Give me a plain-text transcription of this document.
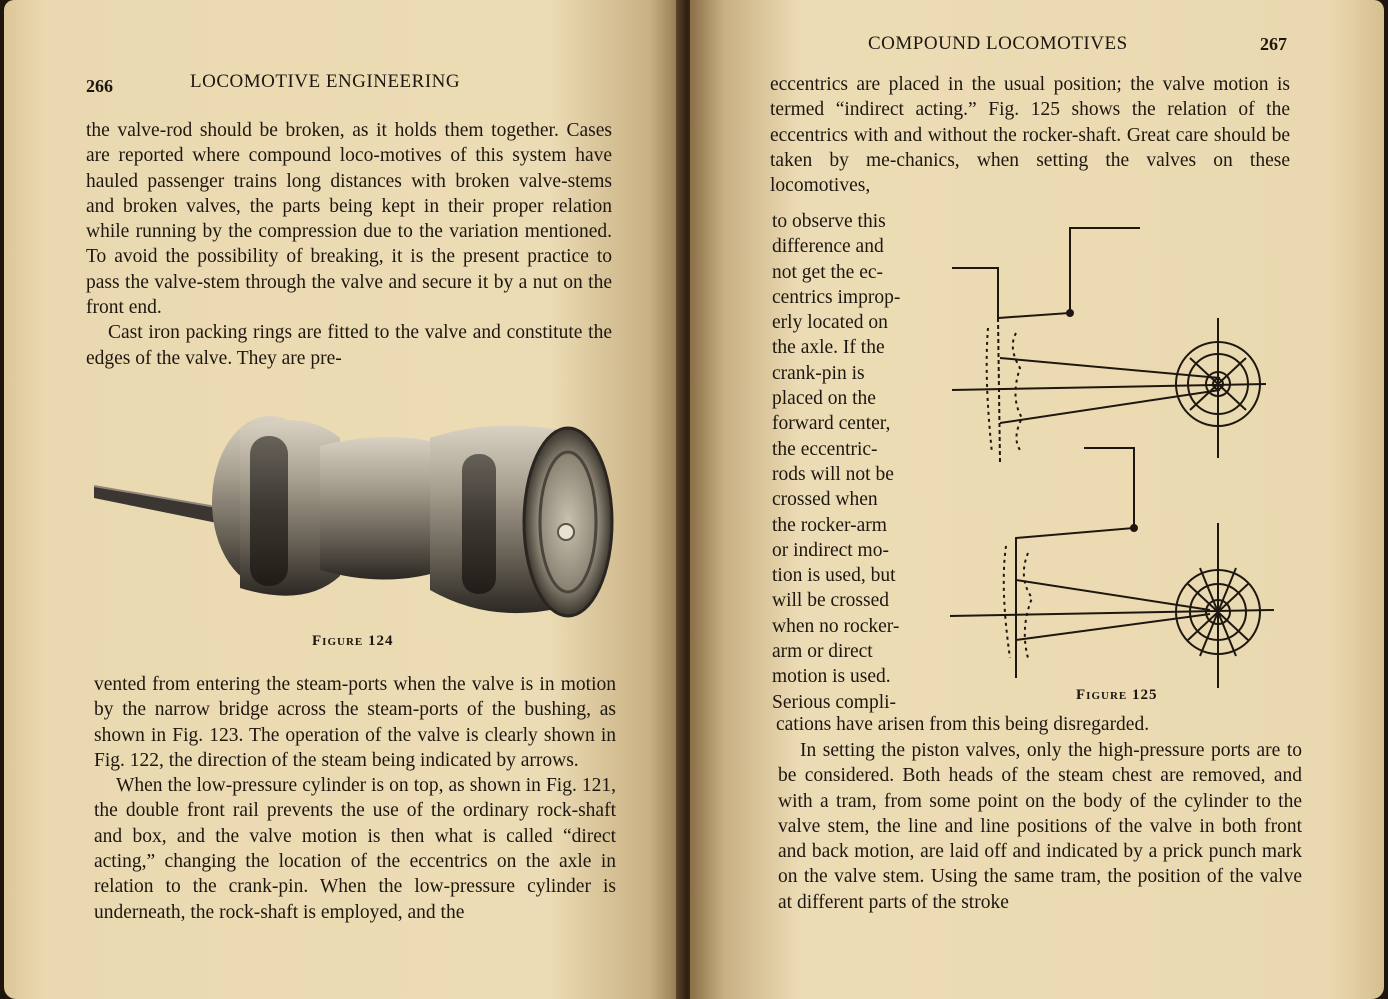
266	LOCOMOTIVE ENGINEERING

the valve-rod should be broken, as it holds them together. Cases are reported where compound loco-motives of this system have hauled passenger trains long distances with broken valve-stems and broken valves, the parts being kept in their proper relation while running by the compression due to the variation mentioned. To avoid the possibility of breaking, it is the present practice to pass the valve-stem through the valve and secure it by a nut on the front end.

Cast iron packing rings are fitted to the valve and constitute the edges of the valve. They are pre-

Figure 124

vented from entering the steam-ports when the valve is in motion by the narrow bridge across the steam-ports of the bushing, as shown in Fig. 123. The operation of the valve is clearly shown in Fig. 122, the direction of the steam being indicated by arrows.

When the low-pressure cylinder is on top, as shown in Fig. 121, the double front rail prevents the use of the ordinary rock-shaft and box, and the valve motion is then what is called “direct acting,” changing the location of the eccentrics on the axle in relation to the crank-pin. When the low-pressure cylinder is underneath, the rock-shaft is employed, and the

COMPOUND LOCOMOTIVES	267
eccentrics are placed in the usual position; the valve motion is termed “indirect acting.” Fig. 125 shows the relation of the eccentrics with and without the rocker-shaft. Great care should be taken by me-chanics, when setting the valves on these locomotives,
to observe this
difference and
not get the ec-
centrics improp-
erly located on
the axle. If the
crank-pin is
placed on the
forward center,
the eccentric-
rods will not be
crossed when
the rocker-arm
or indirect mo-
tion is used, but
will be crossed
when no rocker-
arm or direct
motion is used.
Serious compli-	Figure 125
cations have arisen from this being disregarded.

In setting the piston valves, only the high-pressure ports are to be considered. Both heads of the steam chest are removed, and with a tram, from some point on the body of the cylinder to the valve stem, the line and line positions of the valve in both front and back motion, are laid off and indicated by a prick punch mark on the valve stem. Using the same tram, the position of the valve at different parts of the stroke
